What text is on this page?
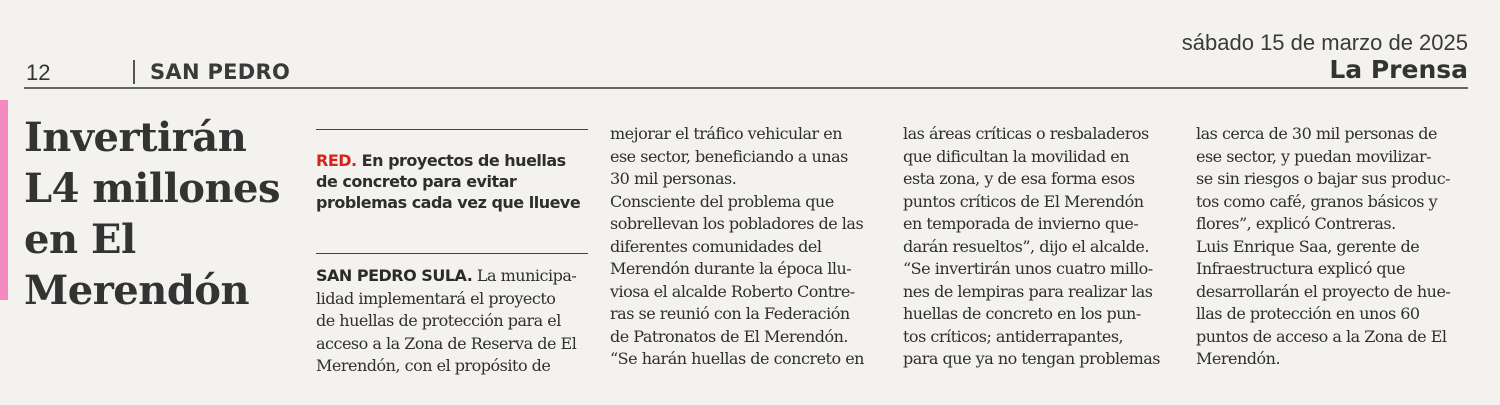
sábado 15 de marzo de 2025
12	SAN PEDRO	La Prensa
Invertirán
L4 millones
en El
Merendón
RED. En proyectos de huellas de concreto para evitar problemas cada vez que llueve
SAN PEDRO SULA. La municipa-
lidad implementará el proyecto
de huellas de protección para el
acceso a la Zona de Reserva de El
Merendón, con el propósito de
mejorar el tráfico vehicular en
ese sector, beneficiando a unas
30 mil personas.
Consciente del problema que
sobrellevan los pobladores de las
diferentes comunidades del
Merendón durante la época llu-
viosa el alcalde Roberto Contre-
ras se reunió con la Federación
de Patronatos de El Merendón.
“Se harán huellas de concreto en
las áreas críticas o resbaladeros
que dificultan la movilidad en
esta zona, y de esa forma esos
puntos críticos de El Merendón
en temporada de invierno que-
darán resueltos”, dijo el alcalde.
“Se invertirán unos cuatro millo-
nes de lempiras para realizar las
huellas de concreto en los pun-
tos críticos; antiderrapantes,
para que ya no tengan problemas
las cerca de 30 mil personas de
ese sector, y puedan movilizar-
se sin riesgos o bajar sus produc-
tos como café, granos básicos y
flores”, explicó Contreras.
Luis Enrique Saa, gerente de
Infraestructura explicó que
desarrollarán el proyecto de hue-
llas de protección en unos 60
puntos de acceso a la Zona de El
Merendón.
